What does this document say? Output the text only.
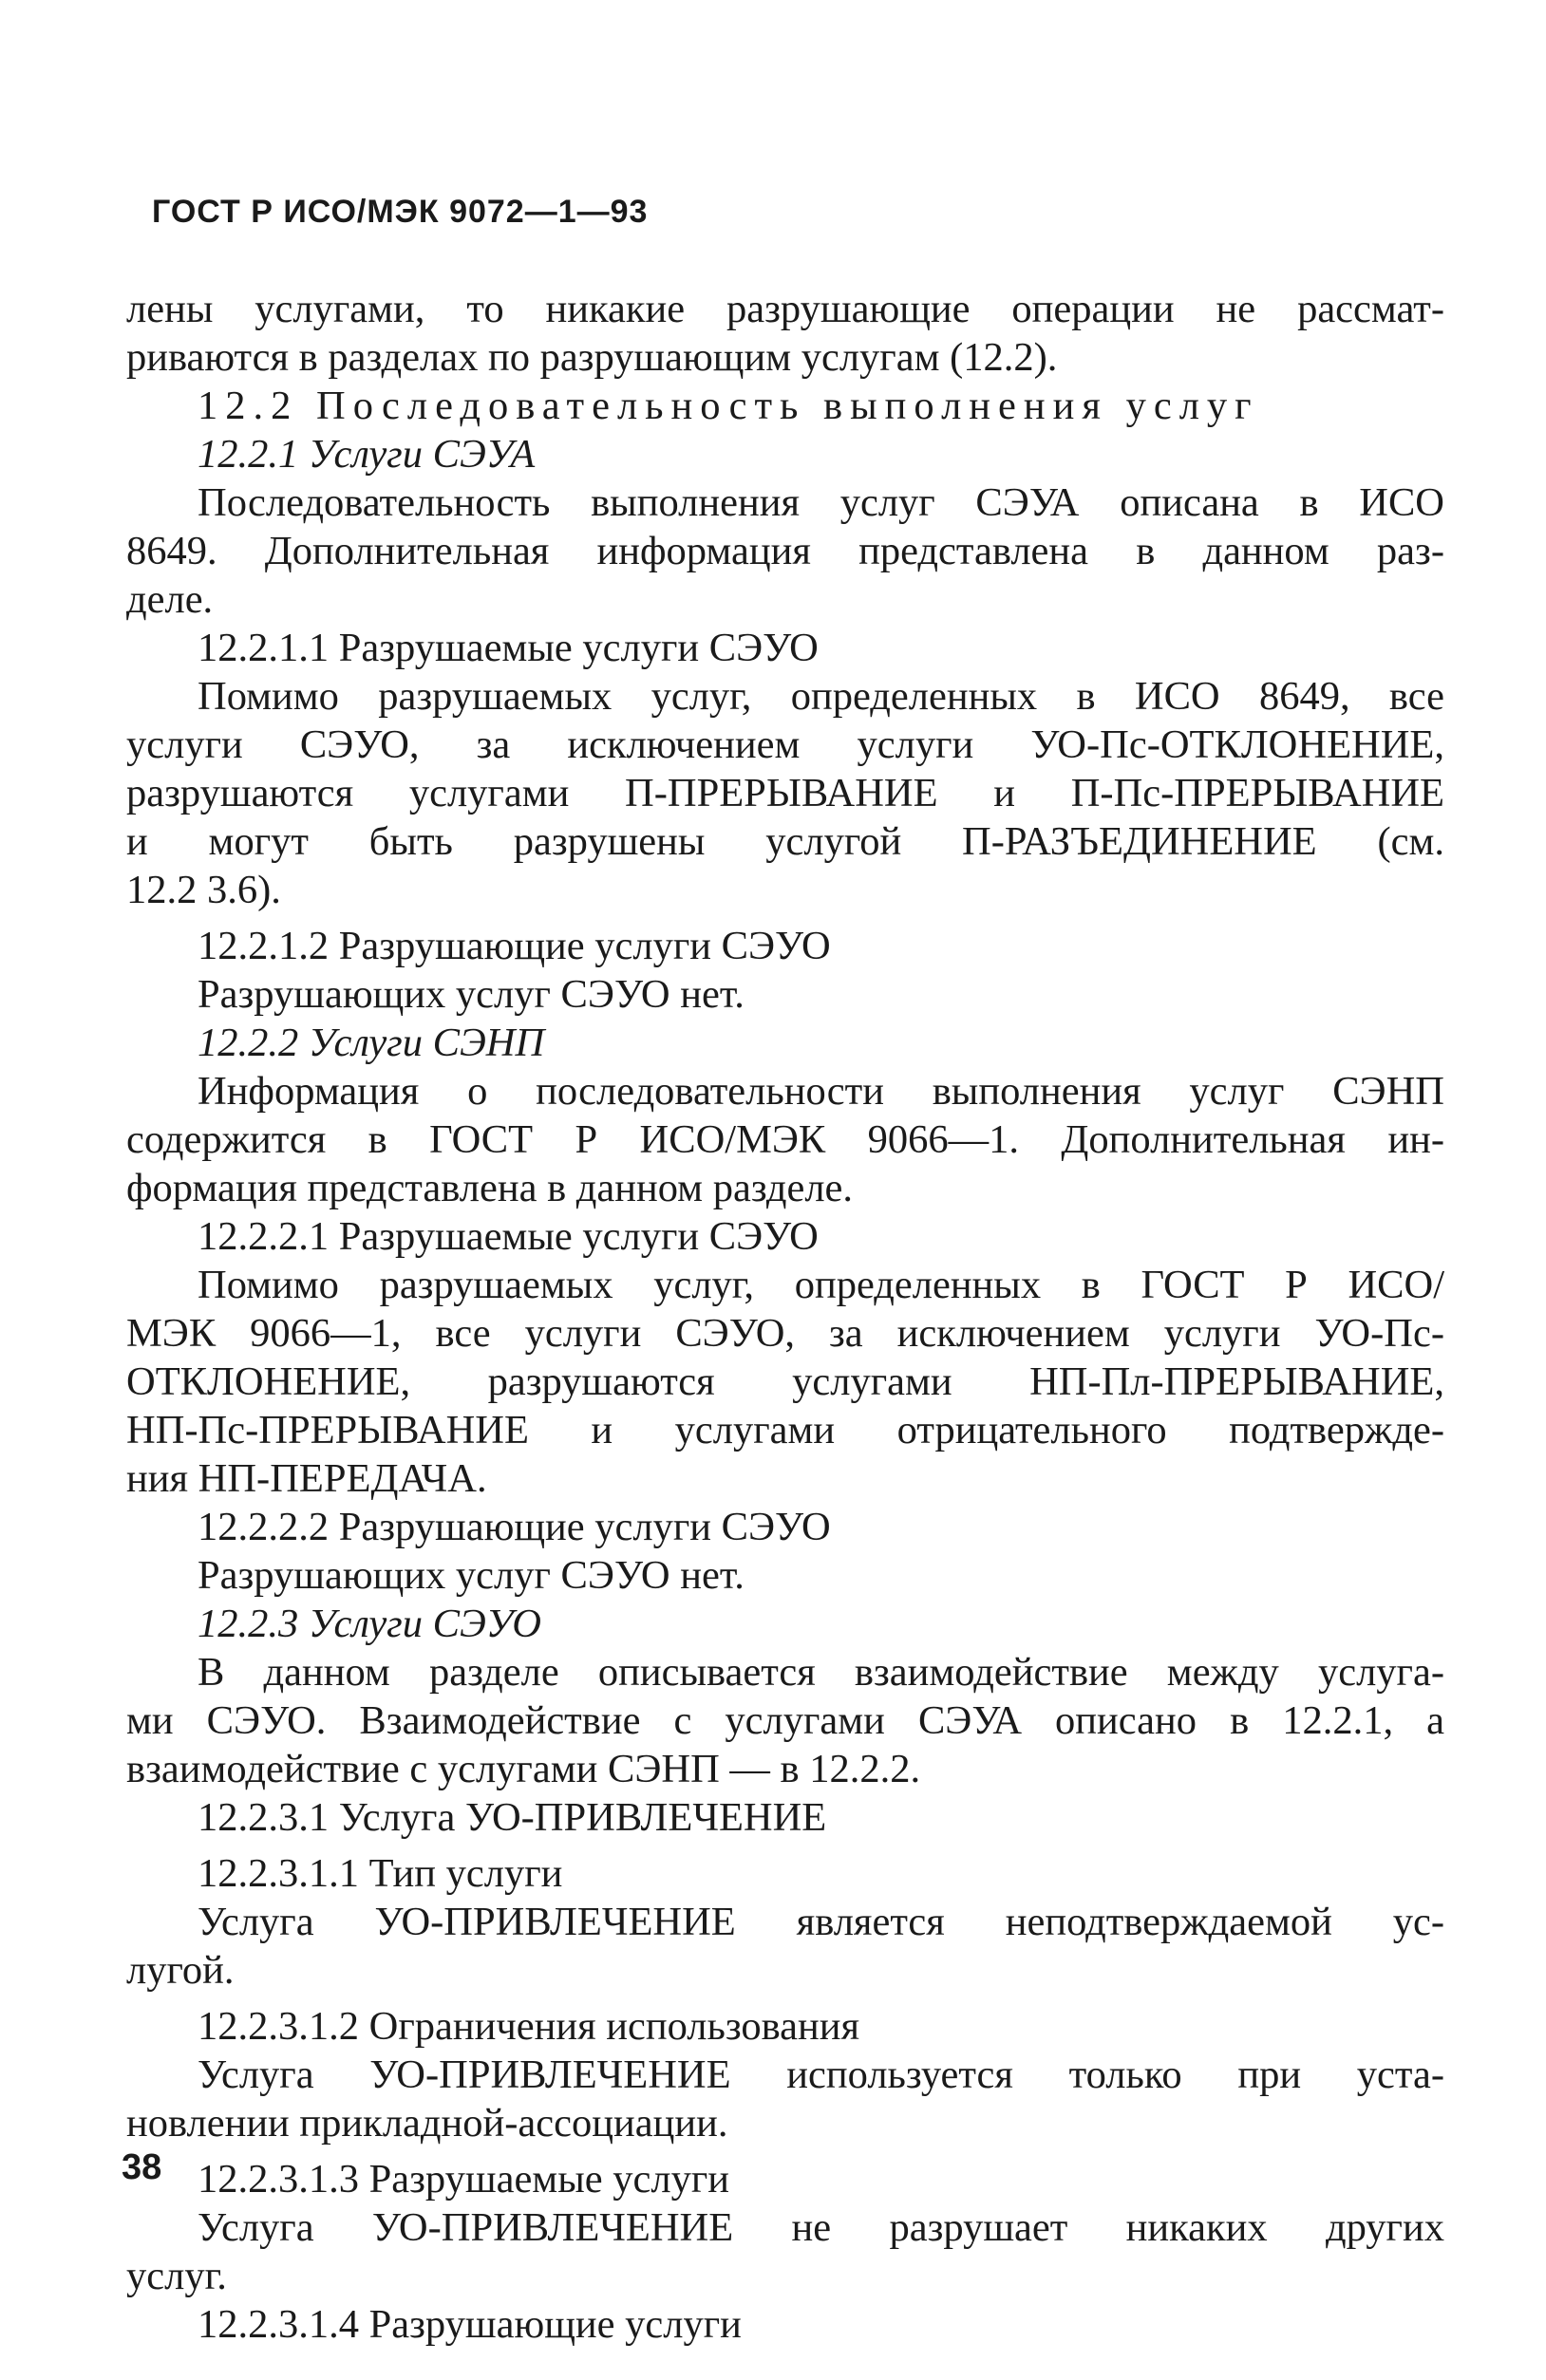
ГОСТ Р ИСО/МЭК 9072—1—93
лены услугами, то никакие разрушающие операции не рассмат-
риваются в разделах по разрушающим услугам (12.2).
12.2 Последовательность выполнения услуг
12.2.1 Услуги СЭУА
Последовательность выполнения услуг СЭУА описана в ИСО
8649. Дополнительная информация представлена в данном раз-
деле.
12.2.1.1 Разрушаемые услуги СЭУО
Помимо разрушаемых услуг, определенных в ИСО 8649, все
услуги СЭУО, за исключением услуги УО-Пс-ОТКЛОНЕНИЕ,
разрушаются услугами П-ПРЕРЫВАНИЕ и П-Пс-ПРЕРЫВАНИЕ
и могут быть разрушены услугой П-РАЗЪЕДИНЕНИЕ (см.
12.2 3.6).
12.2.1.2 Разрушающие услуги СЭУО
Разрушающих услуг СЭУО нет.
12.2.2 Услуги СЭНП
Информация о последовательности выполнения услуг СЭНП
содержится в ГОСТ Р ИСО/МЭК 9066—1. Дополнительная ин-
формация представлена в данном разделе.
12.2.2.1 Разрушаемые услуги СЭУО
Помимо разрушаемых услуг, определенных в ГОСТ Р ИСО/
МЭК 9066—1, все услуги СЭУО, за исключением услуги УО-Пс-
ОТКЛОНЕНИЕ, разрушаются услугами НП-Пл-ПРЕРЫВАНИЕ,
НП-Пс-ПРЕРЫВАНИЕ и услугами отрицательного подтвержде-
ния НП-ПЕРЕДАЧА.
12.2.2.2 Разрушающие услуги СЭУО
Разрушающих услуг СЭУО нет.
12.2.3 Услуги СЭУО
В данном разделе описывается взаимодействие между услуга-
ми СЭУО. Взаимодействие с услугами СЭУА описано в 12.2.1, а
взаимодействие с услугами СЭНП — в 12.2.2.
12.2.3.1 Услуга УО-ПРИВЛЕЧЕНИЕ
12.2.3.1.1 Тип услуги
Услуга УО-ПРИВЛЕЧЕНИЕ является неподтверждаемой ус-
лугой.
12.2.3.1.2 Ограничения использования
Услуга УО-ПРИВЛЕЧЕНИЕ используется только при уста-
новлении прикладной-ассоциации.
12.2.3.1.3 Разрушаемые услуги
Услуга УО-ПРИВЛЕЧЕНИЕ не разрушает никаких других
услуг.
12.2.3.1.4 Разрушающие услуги
38
